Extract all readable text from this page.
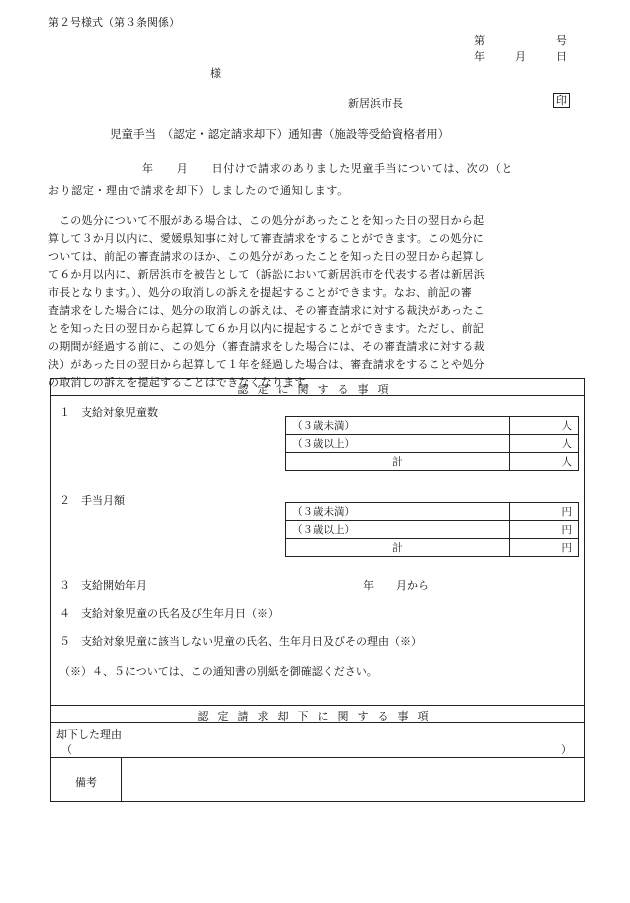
第２号様式（第３条関係）
第	号
年	月	日
様
新居浜市長	印
児童手当　（認定・認定請求却下）通知書（施設等受給資格者用）
年　　月　　日付けで請求のありました児童手当については、次の（と
おり認定・理由で請求を却下）しましたので通知します。

この処分について不服がある場合は、この処分があったことを知った日の翌日から起

算して３か月以内に、愛媛県知事に対して審査請求をすることができます。この処分に

ついては、前記の審査請求のほか、この処分があったことを知った日の翌日から起算し

て６か月以内に、新居浜市を被告として（訴訟において新居浜市を代表する者は新居浜

市長となります。）、処分の取消しの訴えを提起することができます。なお、前記の審

査請求をした場合には、処分の取消しの訴えは、その審査請求に対する裁決があったこ

とを知った日の翌日から起算して６か月以内に提起することができます。ただし、前記

の期間が経過する前に、この処分（審査請求をした場合には、その審査請求に対する裁

決）があった日の翌日から起算して１年を経過した場合は、審査請求をすることや処分

の取消しの訴えを提起することはできなくなります。

認定に関する事項
１　支給対象児童数
（３歳未満）	人
（３歳以上）	人
計	人
２　手当月額
（３歳未満）	円
（３歳以上）	円
計	円
３　支給開始年月	年　　月から
４　支給対象児童の氏名及び生年月日（※）
５　支給対象児童に該当しない児童の氏名、生年月日及びその理由（※）
（※）４、５については、この通知書の別紙を御確認ください。
認定請求却下に関する事項
却下した理由
（	）
備考
